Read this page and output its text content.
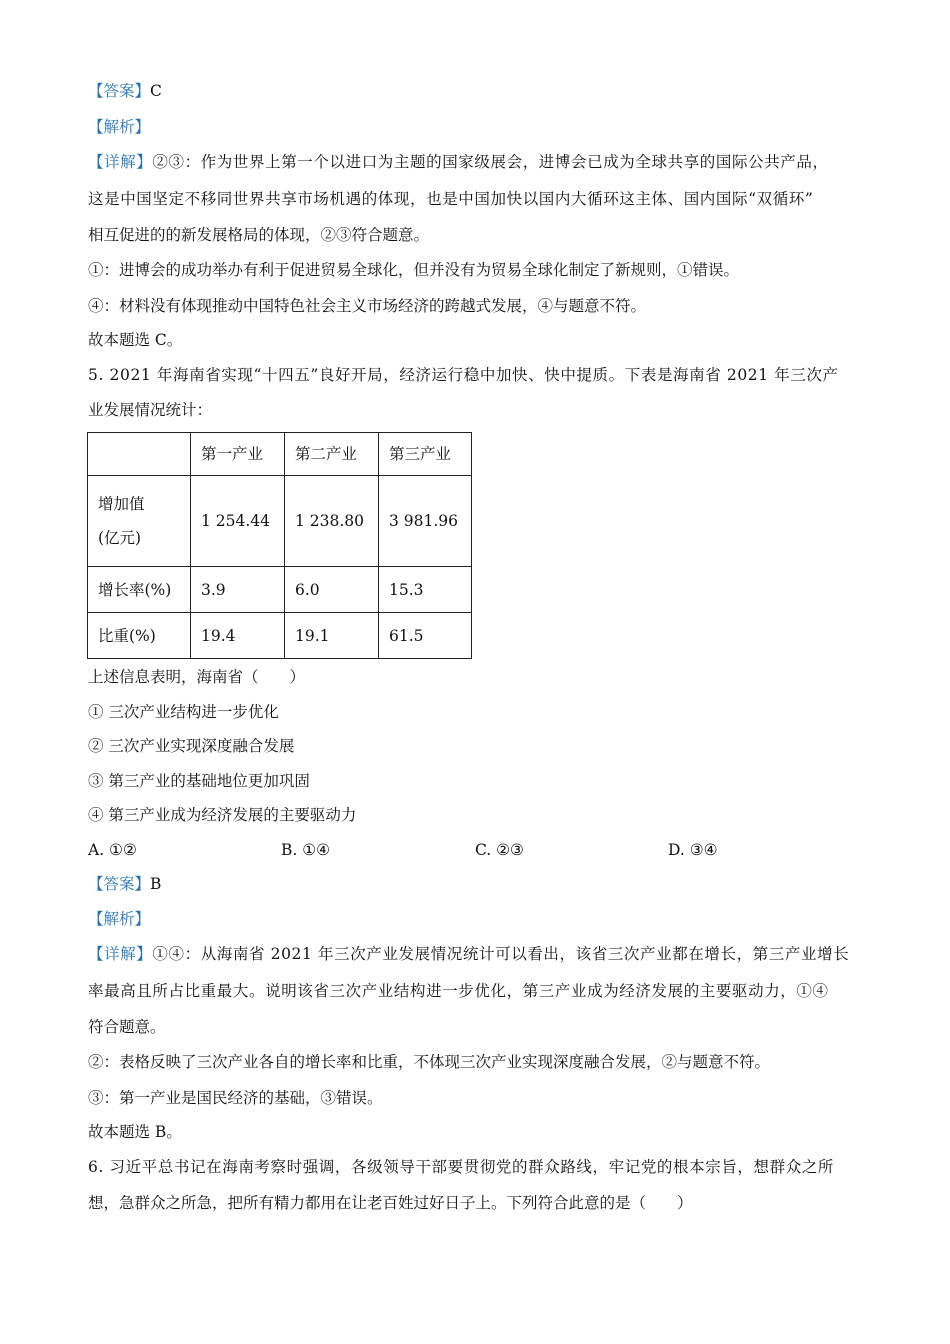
【答案】C
【解析】
【详解】②③：作为世界上第一个以进口为主题的国家级展会，进博会已成为全球共享的国际公共产品，
这是中国坚定不移同世界共享市场机遇的体现，也是中国加快以国内大循环这主体、国内国际“双循环”
相互促进的的新发展格局的体现，②③符合题意。
①：进博会的成功举办有利于促进贸易全球化，但并没有为贸易全球化制定了新规则，①错误。
④：材料没有体现推动中国特色社会主义市场经济的跨越式发展，④与题意不符。
故本题选 C。
5. 2021 年海南省实现“十四五”良好开局，经济运行稳中加快、快中提质。下表是海南省 2021 年三次产
业发展情况统计：
	第一产业	第二产业	第三产业

增加值
(亿元)	1 254.44	1 238.80	3 981.96
增长率(%)	3.9	6.0	15.3
比重(%)	19.4	19.1	61.5
上述信息表明，海南省（　　）
① 三次产业结构进一步优化
② 三次产业实现深度融合发展
③ 第三产业的基础地位更加巩固
④ 第三产业成为经济发展的主要驱动力
A. ①②	B. ①④	C. ②③	D. ③④
【答案】B
【解析】
【详解】①④：从海南省 2021 年三次产业发展情况统计可以看出，该省三次产业都在增长，第三产业增长
率最高且所占比重最大。说明该省三次产业结构进一步优化，第三产业成为经济发展的主要驱动力，①④
符合题意。
②：表格反映了三次产业各自的增长率和比重，不体现三次产业实现深度融合发展，②与题意不符。
③：第一产业是国民经济的基础，③错误。
故本题选 B。
6. 习近平总书记在海南考察时强调，各级领导干部要贯彻党的群众路线，牢记党的根本宗旨，想群众之所
想，急群众之所急，把所有精力都用在让老百姓过好日子上。下列符合此意的是（　　）
